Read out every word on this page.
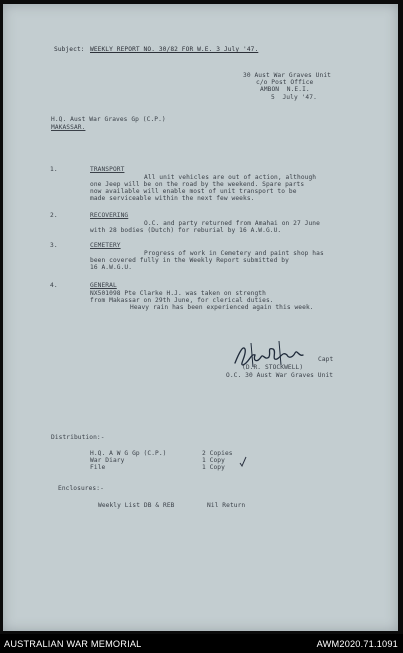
Subject: WEEKLY REPORT NO. 30/82 FOR W.E. 3 July '47.
30 Aust War Graves Unit
c/o Post Office
AMBON  N.E.I.
5  July '47.
H.Q. Aust War Graves Gp (C.P.)
MAKASSAR.
1.	TRANSPORT
All unit vehicles are out of action, although
one Jeep will be on the road by the weekend. Spare parts
now available will enable most of unit transport to be
made serviceable within the next few weeks.
2.	RECOVERING
O.C. and party returned from Amahai on 27 June
with 28 bodies (Dutch) for reburial by 16 A.W.G.U.
3.	CEMETERY
Progress of work in Cemetery and paint shop has
been covered fully in the Weekly Report submitted by
16 A.W.G.U.
4.	GENERAL
NX501098 Pte Clarke H.J. was taken on strength
from Makassar on 29th June, for clerical duties.
Heavy rain has been experienced again this week.
Capt
(D.R. STOCKWELL)
O.C. 30 Aust War Graves Unit
Distribution:-
H.Q. A W G Gp (C.P.)	2 Copies
War Diary	1 Copy
File	1 Copy
Enclosures:-
Weekly List DB & REB	Nil Return
AUSTRALIAN WAR MEMORIAL	AWM2020.71.1091
